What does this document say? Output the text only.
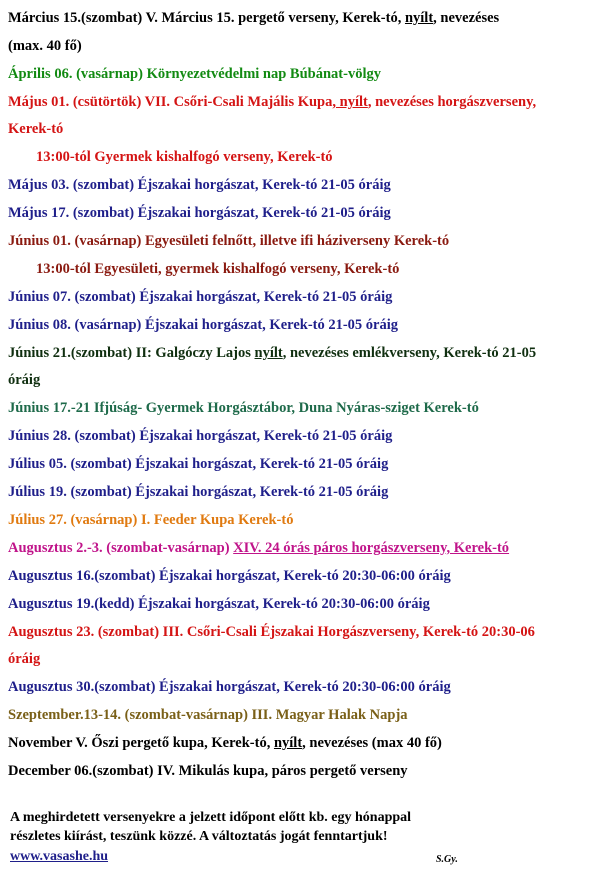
Március 15.(szombat) V. Március 15. pergető verseny, Kerek-tó, nyílt, nevezéses
(max. 40 fő)
Április 06. (vasárnap) Környezetvédelmi nap Búbánat-völgy
Május 01. (csütörtök) VII. Csőri-Csali Majális Kupa, nyílt, nevezéses horgászverseny,
Kerek-tó
13:00-tól Gyermek kishalfogó verseny, Kerek-tó
Május 03. (szombat) Éjszakai horgászat, Kerek-tó 21-05 óráig
Május 17. (szombat) Éjszakai horgászat, Kerek-tó 21-05 óráig
Június 01. (vasárnap) Egyesületi felnőtt, illetve ifi háziverseny Kerek-tó
13:00-tól Egyesületi, gyermek kishalfogó verseny, Kerek-tó
Június 07. (szombat) Éjszakai horgászat, Kerek-tó 21-05 óráig
Június 08. (vasárnap) Éjszakai horgászat, Kerek-tó 21-05 óráig
Június 21.(szombat) II: Galgóczy Lajos nyílt, nevezéses emlékverseny, Kerek-tó 21-05
óráig
Június 17.-21 Ifjúság- Gyermek Horgásztábor, Duna Nyáras-sziget Kerek-tó
Június 28. (szombat) Éjszakai horgászat, Kerek-tó 21-05 óráig
Július 05. (szombat) Éjszakai horgászat, Kerek-tó 21-05 óráig
Július 19. (szombat) Éjszakai horgászat, Kerek-tó 21-05 óráig
Július 27. (vasárnap) I. Feeder Kupa Kerek-tó
Augusztus 2.-3. (szombat-vasárnap) XIV. 24 órás páros horgászverseny, Kerek-tó
Augusztus 16.(szombat) Éjszakai horgászat, Kerek-tó 20:30-06:00 óráig
Augusztus 19.(kedd) Éjszakai horgászat, Kerek-tó 20:30-06:00 óráig
Augusztus 23. (szombat) III. Csőri-Csali Éjszakai Horgászverseny, Kerek-tó 20:30-06
óráig
Augusztus 30.(szombat) Éjszakai horgászat, Kerek-tó 20:30-06:00 óráig
Szeptember.13-14. (szombat-vasárnap) III. Magyar Halak Napja
November V. Őszi pergető kupa, Kerek-tó, nyílt, nevezéses (max 40 fő)
December 06.(szombat) IV. Mikulás kupa, páros pergető verseny
A meghirdetett versenyekre a jelzett időpont előtt kb. egy hónappal
részletes kiírást, teszünk közzé. A változtatás jogát fenntartjuk!
www.vasashe.hu	S.Gy.
